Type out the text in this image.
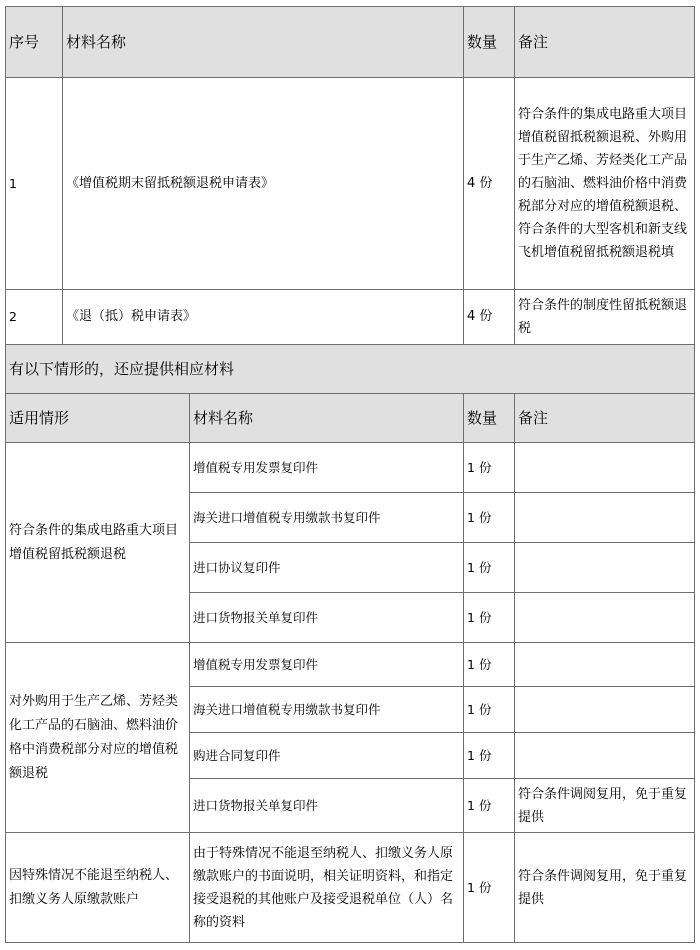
序号	材料名称		数量	备注
1	《增值税期末留抵税额退税申请表》		4 份	符合条件的集成电路重大项目增值税留抵税额退税、外购用于生产乙烯、芳烃类化工产品的石脑油、燃料油价格中消费税部分对应的增值税额退税、符合条件的大型客机和新支线飞机增值税留抵税额退税填
2	《退（抵）税申请表》		4 份	符合条件的制度性留抵税额退税
有以下情形的，还应提供相应材料				
适用情形		材料名称	数量	备注
符合条件的集成电路重大项目增值税留抵税额退税		增值税专用发票复印件	1 份	
		海关进口增值税专用缴款书复印件	1 份	
		进口协议复印件	1 份	
		进口货物报关单复印件	1 份	
对外购用于生产乙烯、芳烃类化工产品的石脑油、燃料油价格中消费税部分对应的增值税额退税		增值税专用发票复印件	1 份	
		海关进口增值税专用缴款书复印件	1 份	
		购进合同复印件	1 份	
		进口货物报关单复印件	1 份	符合条件调阅复用，免于重复提供
因特殊情况不能退至纳税人、扣缴义务人原缴款账户		由于特殊情况不能退至纳税人、扣缴义务人原缴款账户的书面说明，相关证明资料，和指定接受退税的其他账户及接受退税单位（人）名称的资料	1 份	符合条件调阅复用，免于重复提供
